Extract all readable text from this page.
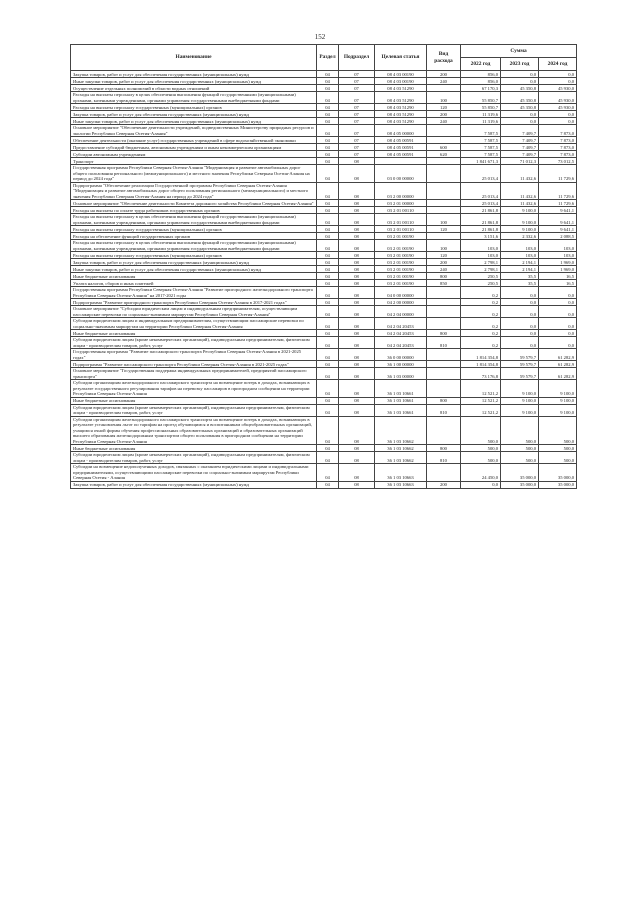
152
Наименование	Раздел	Подраздел	Целевая статья	Вид расхода	Сумма		
					2022 год	2023 год	2024 год
Закупка товаров, работ и услуг для обеспечения государственных (муниципальных) нужд	04	07	08 4 03 00190	200	856,0	0,0	0,0
Иные закупки товаров, работ и услуг для обеспечения государственных (муниципальных) нужд	04	07	08 4 03 00190	240	856,0	0,0	0,0
Осуществление отдельных полномочий в области водных отношений	04	07	08 4 03 51290		67 170,3	45 350,8	45 930,0
Расходы на выплаты персоналу в целях обеспечения выполнения функций государственными (муниципальными) органами, казенными учреждениями, органами управления государственными внебюджетными фондами	04	07	08 4 03 51290	100	55 850,7	45 350,8	45 930,0
Расходы на выплаты персоналу государственных (муниципальных) органов	04	07	08 4 03 51290	120	55 850,7	45 350,8	45 930,0
Закупка товаров, работ и услуг для обеспечения государственных (муниципальных) нужд	04	07	08 4 03 51290	200	11 319,6	0,0	0,0
Иные закупки товаров, работ и услуг для обеспечения государственных (муниципальных) нужд	04	07	08 4 03 51290	240	11 319,6	0,0	0,0
Основное мероприятие "Обеспечение деятельности учреждений, подведомственных Министерству природных ресурсов и экологии Республики Северная Осетия-Алания"	04	07	08 4 05 00000		7 587,5	7 409,7	7 873,0
Обеспечение деятельности (оказание услуг) государственных учреждений в сфере водохозяйственной экономики	04	07	08 4 05 00591		7 587,5	7 409,7	7 873,0
Предоставление субсидий бюджетным, автономным учреждениям и иным некоммерческим организациям	04	07	08 4 05 00591	600	7 587,5	7 409,7	7 873,0
Субсидии автономным учреждениям	04	07	08 4 05 00591	620	7 587,5	7 409,7	7 873,0
Транспорт	04	08			1 841 671,3	71 012,3	73 012,5
Государственная программа Республики Северная Осетия-Алания "Модернизация и развитие автомобильных дорог общего пользования регионального (межмуниципального) и местного значения Республики Северная Осетия-Алания на период до 2024 года"	04	08	03 0 00 00000		25 013,4	11 432,6	11 729,6
Подпрограмма "Обеспечение реализации Государственной программы Республики Северная Осетия-Алания "Модернизация и развитие автомобильных дорог общего пользования регионального (межмуниципального) и местного значения Республики Северная Осетия-Алания на период до 2024 года"	04	08	03 2 00 00000		25 013,4	11 432,6	11 729,6
Основное мероприятие "Обеспечение деятельности Комитета дорожного хозяйства Республики Северная Осетия-Алания"	04	08	03 2 01 00000		25 013,4	11 432,6	11 729,6
Расходы на выплаты по оплате труда работников государственных органов	04	08	03 2 01 00110		21 861,8	9 100,0	9 641,1
Расходы на выплаты персоналу в целях обеспечения выполнения функций государственными (муниципальными) органами, казенными учреждениями, органами управления государственными внебюджетными фондами	04	08	03 2 01 00110	100	21 861,8	9 100,0	9 641,1
Расходы на выплаты персоналу государственных (муниципальных) органов	04	08	03 2 01 00110	120	21 861,8	9 100,0	9 641,1
Расходы на обеспечение функций государственных органов	04	08	03 2 01 00190		3 151,6	2 332,6	2 088,5
Расходы на выплаты персоналу в целях обеспечения выполнения функций государственными (муниципальными) органами, казенными учреждениями, органами управления государственными внебюджетными фондами	04	08	03 2 01 00190	100	103,0	103,0	103,0
Расходы на выплаты персоналу государственных (муниципальных) органов	04	08	03 2 01 00190	120	103,0	103,0	103,0
Закупка товаров, работ и услуг для обеспечения государственных (муниципальных) нужд	04	08	03 2 01 00190	200	2 798,1	2 194,1	1 969,0
Иные закупки товаров, работ и услуг для обеспечения государственных (муниципальных) нужд	04	08	03 2 01 00190	240	2 798,1	2 194,1	1 969,0
Иные бюджетные ассигнования	04	08	03 2 01 00190	800	250,5	35,5	16,5
Уплата налогов, сборов и иных платежей	04	08	03 2 01 00190	850	250,5	35,5	16,5
Государственная программа Республики Северная Осетия-Алания "Развитие пригородного железнодорожного транспорта Республики Северная Осетия-Алания" на 2017-2021 годы	04	08	04 0 00 00000		0,2	0,0	0,0
Подпрограмма "Развитие пригородного транспорта Республики Северная Осетия-Алания в 2017-2021 годах"	04	08	04 2 00 00000		0,2	0,0	0,0
Основное мероприятие "Субсидии юридическим лицам и индивидуальным предпринимателям, осуществляющим пассажирские перевозки по социально-значимым маршрутам Республики Северная Осетия-Алания"	04	08	04 2 04 00000		0,2	0,0	0,0
Субсидии юридическим лицам и индивидуальным предпринимателям, осуществляющим пассажирские перевозки по социально-значимым маршрутам на территории Республики Северная Осетия-Алания	04	08	04 2 04 20453		0,2	0,0	0,0
Иные бюджетные ассигнования	04	08	04 2 04 20453	800	0,2	0,0	0,0
Субсидии юридическим лицам (кроме некоммерческих организаций), индивидуальным предпринимателям, физическим лицам - производителям товаров, работ, услуг	04	08	04 2 04 20453	810	0,2	0,0	0,0
Государственная программа "Развитие пассажирского транспорта Республики Северная Осетия-Алания в 2021-2025 годах"	04	08	36 0 00 00000		1 814 354,8	59 579,7	61 282,9
Подпрограмма "Развитие пассажирского транспорта Республики Северная Осетия-Алания в 2021-2025 годах"	04	08	36 1 00 00000		1 814 354,8	59 579,7	61 282,9
Основное мероприятие "Государственная поддержка индивидуальных предпринимателей, предприятий пассажирского транспорта"	04	08	36 1 03 00000		73 176,8	59 579,7	61 282,9
Субсидии организациям железнодорожного пассажирского транспорта на возмещение потерь в доходах, возникающих в результате государственного регулирования тарифов на перевозку пассажиров в пригородном сообщении на территории Республики Северная Осетия-Алания	04	08	36 1 03 10661		12 521,2	9 100,0	9 100,0
Иные бюджетные ассигнования	04	08	36 1 03 10661	800	12 521,2	9 100,0	9 100,0
Субсидии юридическим лицам (кроме некоммерческих организаций), индивидуальным предпринимателям, физическим лицам - производителям товаров, работ, услуг	04	08	36 1 03 10661	810	12 521,2	9 100,0	9 100,0
Субсидии организациям железнодорожного пассажирского транспорта на возмещение потерь в доходах, возникающих в результате установления льгот по тарифам на проезд обучающимся и воспитанникам общеобразовательных организаций, учащимся очной формы обучения профессиональных образовательных организаций и образовательных организаций высшего образования железнодорожным транспортом общего пользования в пригородном сообщении на территории Республики Северная Осетия-Алания	04	08	36 1 03 10662		500,0	500,0	500,0
Иные бюджетные ассигнования	04	08	36 1 03 10662	800	500,0	500,0	500,0
Субсидии юридическим лицам (кроме некоммерческих организаций), индивидуальным предпринимателям, физическим лицам - производителям товаров, работ, услуг	04	08	36 1 03 10662	810	500,0	500,0	500,0
Субсидии на возмещение недополученных доходов, связанных с оказанием юридическими лицами и индивидуальными предпринимателями, осуществляющими пассажирские перевозки по социально-значимым маршрутам Республики Северная Осетия - Алания	04	08	36 1 03 10663		24 450,0	35 000,0	35 000,0
Закупка товаров, работ и услуг для обеспечения государственных (муниципальных) нужд	04	08	36 1 03 10663	200	0,0	35 000,0	35 000,0
